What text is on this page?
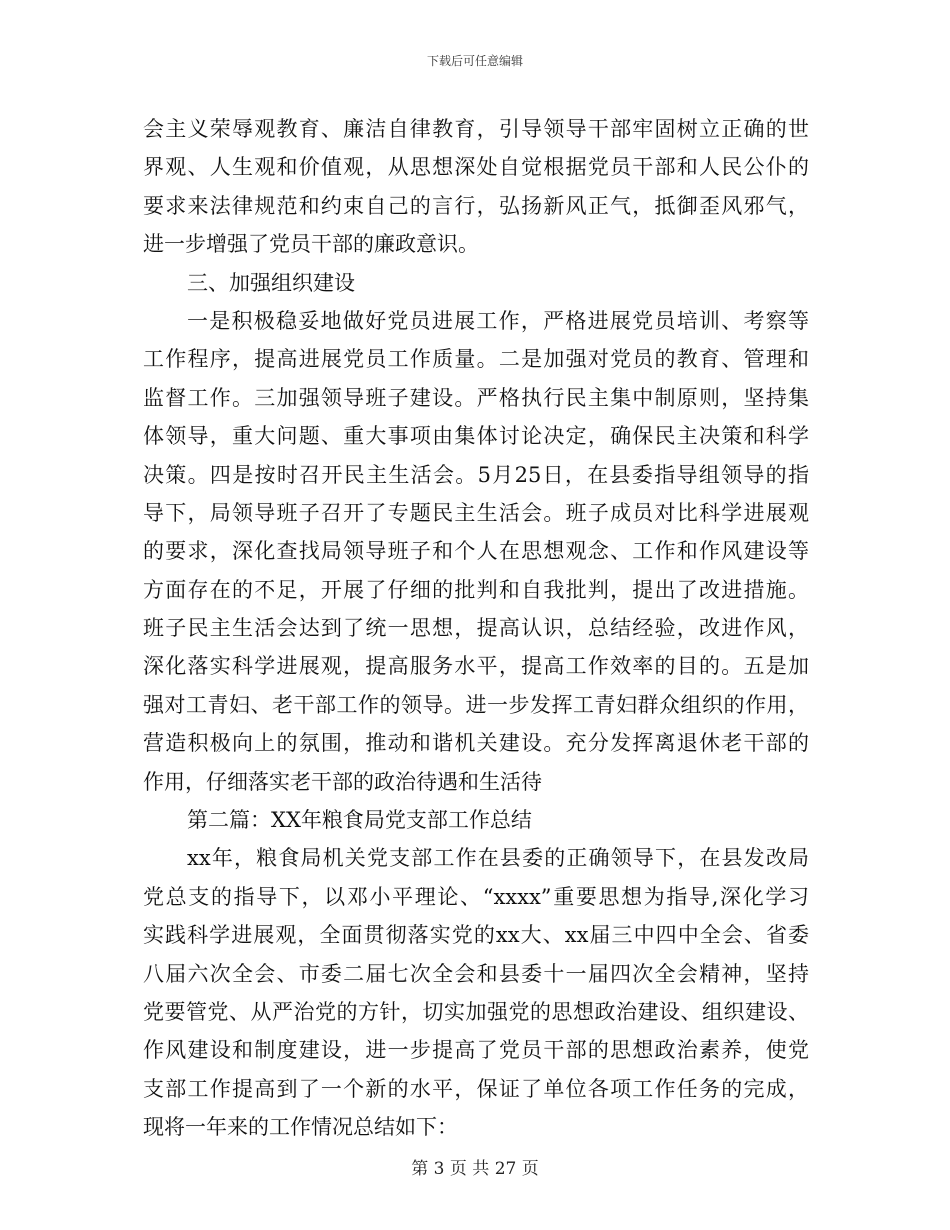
下载后可任意编辑
会主义荣辱观教育、廉洁自律教育，引导领导干部牢固树立正确的世
界观、人生观和价值观，从思想深处自觉根据党员干部和人民公仆的
要求来法律规范和约束自己的言行，弘扬新风正气，抵御歪风邪气，
进一步增强了党员干部的廉政意识。
三、加强组织建设
一是积极稳妥地做好党员进展工作，严格进展党员培训、考察等
工作程序，提高进展党员工作质量。二是加强对党员的教育、管理和
监督工作。三加强领导班子建设。严格执行民主集中制原则，坚持集
体领导，重大问题、重大事项由集体讨论决定，确保民主决策和科学
决策。四是按时召开民主生活会。5月25日，在县委指导组领导的指
导下，局领导班子召开了专题民主生活会。班子成员对比科学进展观
的要求，深化查找局领导班子和个人在思想观念、工作和作风建设等
方面存在的不足，开展了仔细的批判和自我批判，提出了改进措施。
班子民主生活会达到了统一思想，提高认识，总结经验，改进作风，
深化落实科学进展观，提高服务水平，提高工作效率的目的。五是加
强对工青妇、老干部工作的领导。进一步发挥工青妇群众组织的作用，
营造积极向上的氛围，推动和谐机关建设。充分发挥离退休老干部的
作用，仔细落实老干部的政治待遇和生活待
第二篇：XX年粮食局党支部工作总结
xx年，粮食局机关党支部工作在县委的正确领导下，在县发改局
党总支的指导下，以邓小平理论、“xxxx”重要思想为指导,深化学习
实践科学进展观，全面贯彻落实党的xx大、xx届三中四中全会、省委
八届六次全会、市委二届七次全会和县委十一届四次全会精神，坚持
党要管党、从严治党的方针，切实加强党的思想政治建设、组织建设、
作风建设和制度建设，进一步提高了党员干部的思想政治素养，使党
支部工作提高到了一个新的水平，保证了单位各项工作任务的完成，
现将一年来的工作情况总结如下：
第 3 页 共 27 页
